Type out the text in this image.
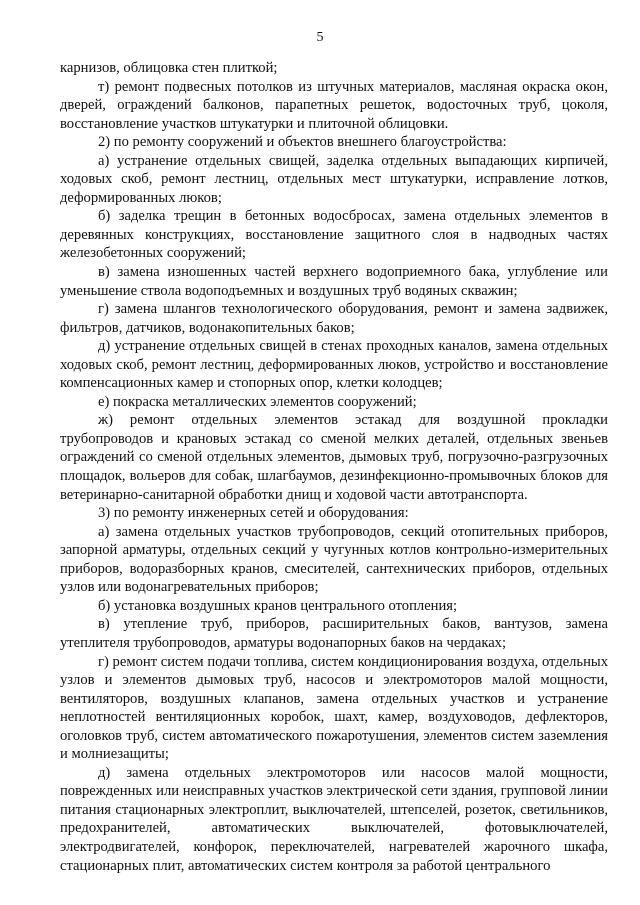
5

карнизов, облицовка стен плиткой;

т) ремонт подвесных потолков из штучных материалов, масляная окраска окон, дверей, ограждений балконов, парапетных решеток, водосточных труб, цоколя, восстановление участков штукатурки и плиточной облицовки.

2) по ремонту сооружений и объектов внешнего благоустройства:

а) устранение отдельных свищей, заделка отдельных выпадающих кирпичей, ходовых скоб, ремонт лестниц, отдельных мест штукатурки, исправление лотков, деформированных люков;

б) заделка трещин в бетонных водосбросах, замена отдельных элементов в деревянных конструкциях, восстановление защитного слоя в надводных частях железобетонных сооружений;

в) замена изношенных частей верхнего водоприемного бака, углубление или уменьшение ствола водоподъемных и воздушных труб водяных скважин;

г) замена шлангов технологического оборудования, ремонт и замена задвижек, фильтров, датчиков, водонакопительных баков;

д) устранение отдельных свищей в стенах проходных каналов, замена отдельных ходовых скоб, ремонт лестниц, деформированных люков, устройство и восстановление компенсационных камер и стопорных опор, клетки колодцев;

е) покраска металлических элементов сооружений;

ж) ремонт отдельных элементов эстакад для воздушной прокладки трубопроводов и крановых эстакад со сменой мелких деталей, отдельных звеньев ограждений со сменой отдельных элементов, дымовых труб, погрузочно-разгрузочных площадок, вольеров для собак, шлагбаумов, дезинфекционно-промывочных блоков для ветеринарно-санитарной обработки днищ и ходовой части автотранспорта.

3) по ремонту инженерных сетей и оборудования:

а) замена отдельных участков трубопроводов, секций отопительных приборов, запорной арматуры, отдельных секций у чугунных котлов контрольно-измерительных приборов, водоразборных кранов, смесителей, сантехнических приборов, отдельных узлов или водонагревательных приборов;

б) установка воздушных кранов центрального отопления;

в) утепление труб, приборов, расширительных баков, вантузов, замена утеплителя трубопроводов, арматуры водонапорных баков на чердаках;

г) ремонт систем подачи топлива, систем кондиционирования воздуха, отдельных узлов и элементов дымовых труб, насосов и электромоторов малой мощности, вентиляторов, воздушных клапанов, замена отдельных участков и устранение неплотностей вентиляционных коробок, шахт, камер, воздуховодов, дефлекторов, оголовков труб, систем автоматического пожаротушения, элементов систем заземления и молниезащиты;

д) замена отдельных электромоторов или насосов малой мощности, поврежденных или неисправных участков электрической сети здания, групповой линии питания стационарных электроплит, выключателей, штепселей, розеток, светильников, предохранителей, автоматических выключателей, фотовыключателей, электродвигателей, конфорок, переключателей, нагревателей жарочного шкафа, стационарных плит, автоматических систем контроля за работой центрального
